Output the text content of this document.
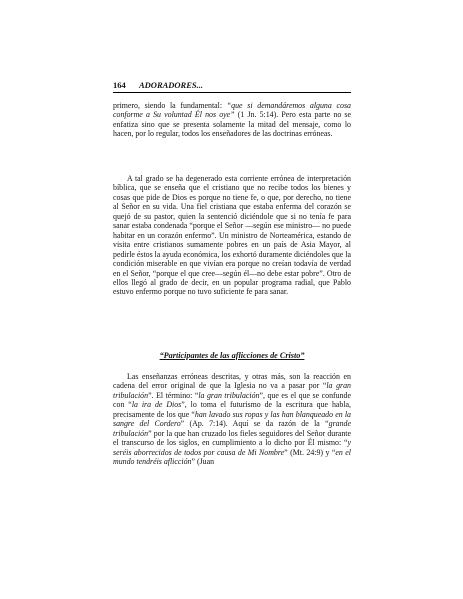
164 ADORADORES...

primero, siendo la fundamental: “que si demandáremos alguna cosa conforme a Su voluntad Él nos oye” (1 Jn. 5:14). Pero esta parte no se enfatiza sino que se presenta solamente la mitad del mensaje, como lo hacen, por lo regular, todos los enseñadores de las doctrinas erróneas.

A tal grado se ha degenerado esta corriente errónea de interpretación bíblica, que se enseña que el cristiano que no recibe todos los bienes y cosas que pide de Dios es porque no tiene fe, o que, por derecho, no tiene al Señor en su vida. Una fiel cristiana que estaba enferma del corazón se quejó de su pastor, quien la sentenció diciéndole que si no tenía fe para sanar estaba condenada “porque el Señor —según ese ministro— no puede habitar en un corazón enfermo”. Un ministro de Norteamérica, estando de visita entre cristianos sumamente pobres en un país de Asia Mayor, al pedirle éstos la ayuda económica, los exhortó duramente diciéndoles que la condición miserable en que vivían era porque no creían todavía de verdad en el Señor, “porque el que cree—según él—no debe estar pobre”. Otro de ellos llegó al grado de decir, en un popular programa radial, que Pablo estuvo enfermo porque no tuvo suficiente fe para sanar.

“Participantes de las aflicciones de Cristo”

Las enseñanzas erróneas descritas, y otras más, son la reacción en cadena del error original de que la Iglesia no va a pasar por “la gran tribulación”. El término: “la gran tribulación”, que es el que se confunde con “la ira de Dios”, lo toma el futurismo de la escritura que habla, precisamente de los que “han lavado sus ropas y las han blanqueado en la sangre del Cordero” (Ap. 7:14). Aquí se da razón de la “grande tribulación” por la que han cruzado los fieles seguidores del Señor durante el transcurso de los siglos, en cumplimiento a lo dicho por Él mismo: “y seréis aborrecidos de todos por causa de Mi Nombre” (Mt. 24:9) y “en el mundo tendréis aflicción” (Juan
